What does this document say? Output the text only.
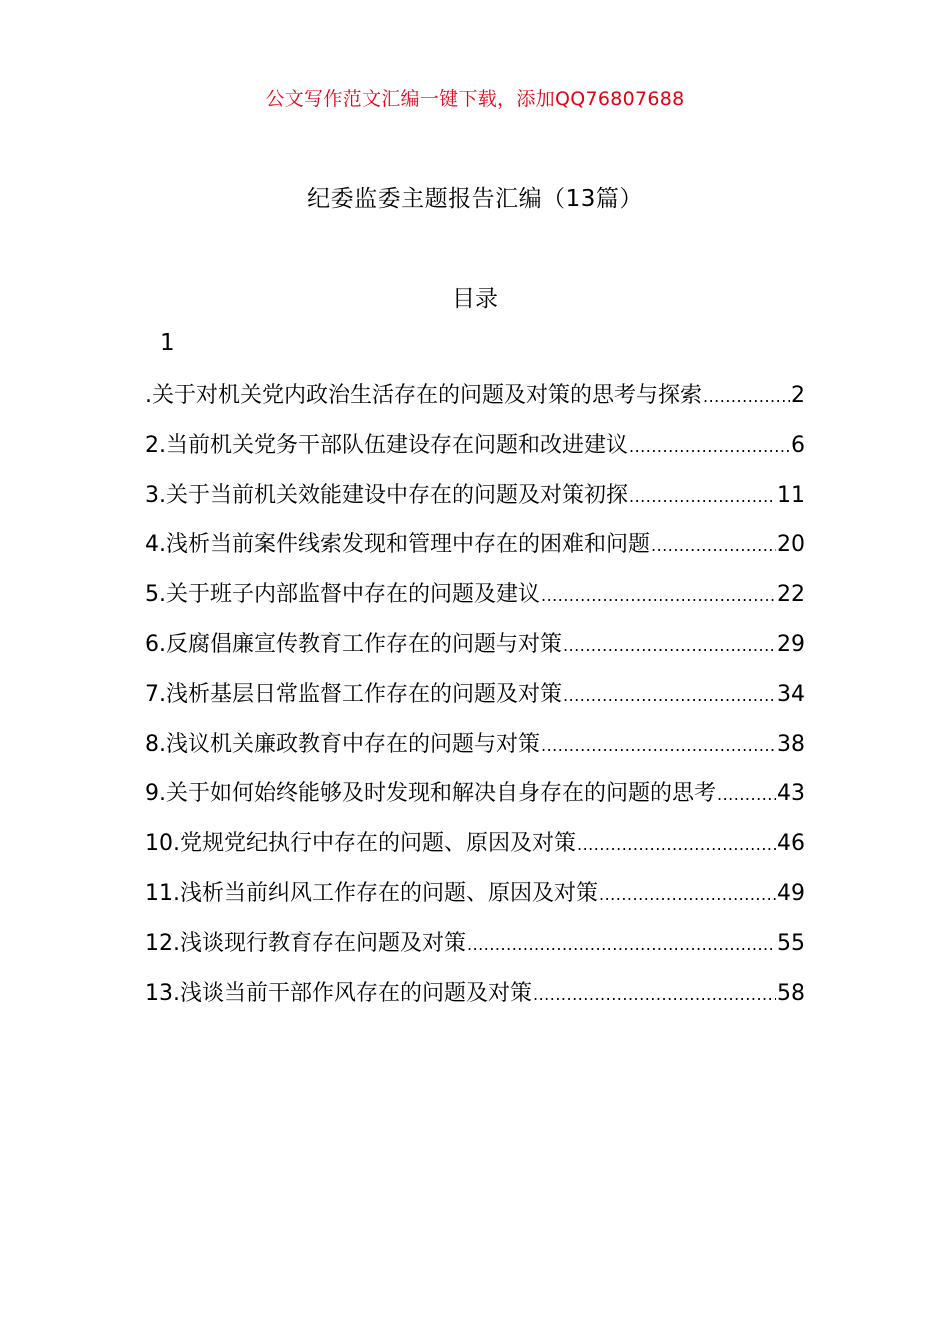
公文写作范文汇编一键下载，添加QQ76807688
纪委监委主题报告汇编（13篇）
目录
1
.关于对机关党内政治生活存在的问题及对策的思考与探索 .....	2
2.当前机关党务干部队伍建设存在问题和改进建议 .....	6
3.关于当前机关效能建设中存在的问题及对策初探 .....	11
4.浅析当前案件线索发现和管理中存在的困难和问题 .....	20
5.关于班子内部监督中存在的问题及建议 .....	22
6.反腐倡廉宣传教育工作存在的问题与对策 .....	29
7.浅析基层日常监督工作存在的问题及对策 .....	34
8.浅议机关廉政教育中存在的问题与对策 .....	38
9.关于如何始终能够及时发现和解决自身存在的问题的思考 .....	43
10.党规党纪执行中存在的问题、原因及对策 .....	46
11.浅析当前纠风工作存在的问题、原因及对策 .....	49
12.浅谈现行教育存在问题及对策 .....	55
13.浅谈当前干部作风存在的问题及对策 .....	58
